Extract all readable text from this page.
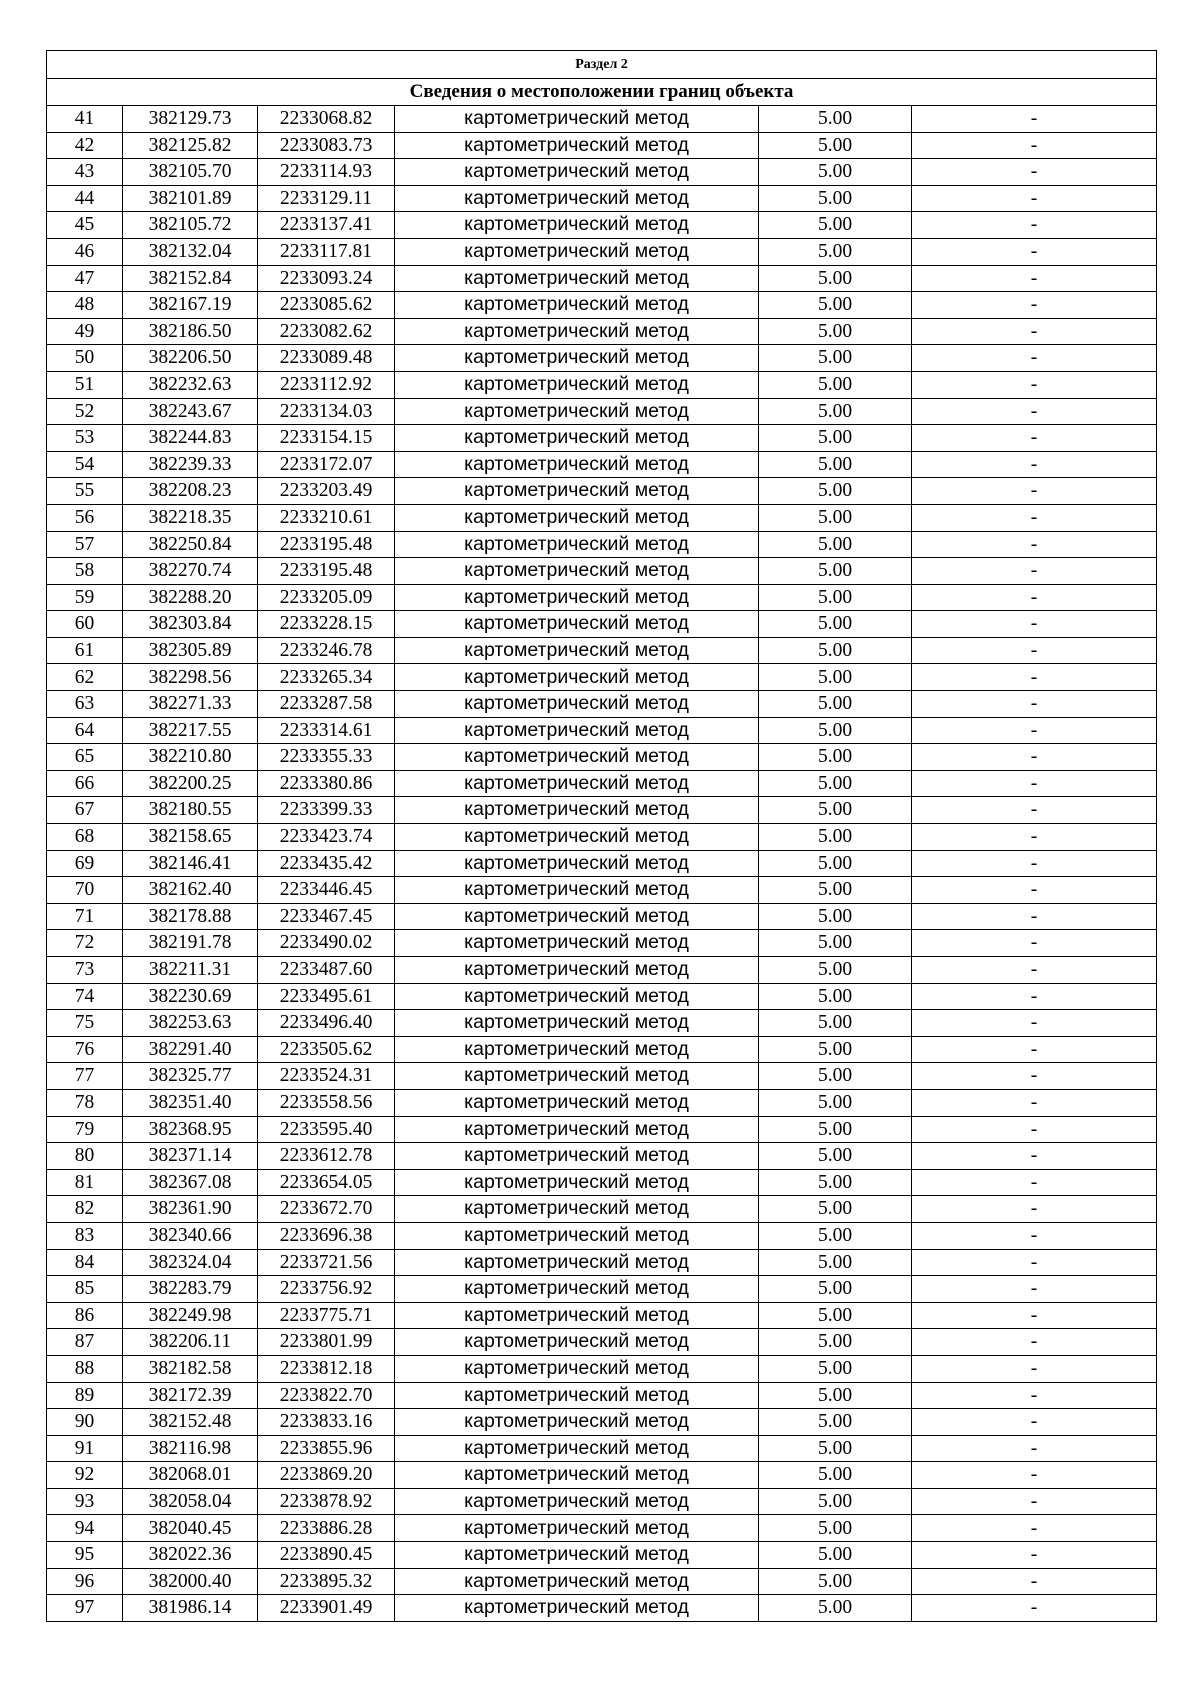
Раздел 2					
Сведения о местоположении границ объекта					
41	382129.73	2233068.82	картометрический метод	5.00	-
42	382125.82	2233083.73	картометрический метод	5.00	-
43	382105.70	2233114.93	картометрический метод	5.00	-
44	382101.89	2233129.11	картометрический метод	5.00	-
45	382105.72	2233137.41	картометрический метод	5.00	-
46	382132.04	2233117.81	картометрический метод	5.00	-
47	382152.84	2233093.24	картометрический метод	5.00	-
48	382167.19	2233085.62	картометрический метод	5.00	-
49	382186.50	2233082.62	картометрический метод	5.00	-
50	382206.50	2233089.48	картометрический метод	5.00	-
51	382232.63	2233112.92	картометрический метод	5.00	-
52	382243.67	2233134.03	картометрический метод	5.00	-
53	382244.83	2233154.15	картометрический метод	5.00	-
54	382239.33	2233172.07	картометрический метод	5.00	-
55	382208.23	2233203.49	картометрический метод	5.00	-
56	382218.35	2233210.61	картометрический метод	5.00	-
57	382250.84	2233195.48	картометрический метод	5.00	-
58	382270.74	2233195.48	картометрический метод	5.00	-
59	382288.20	2233205.09	картометрический метод	5.00	-
60	382303.84	2233228.15	картометрический метод	5.00	-
61	382305.89	2233246.78	картометрический метод	5.00	-
62	382298.56	2233265.34	картометрический метод	5.00	-
63	382271.33	2233287.58	картометрический метод	5.00	-
64	382217.55	2233314.61	картометрический метод	5.00	-
65	382210.80	2233355.33	картометрический метод	5.00	-
66	382200.25	2233380.86	картометрический метод	5.00	-
67	382180.55	2233399.33	картометрический метод	5.00	-
68	382158.65	2233423.74	картометрический метод	5.00	-
69	382146.41	2233435.42	картометрический метод	5.00	-
70	382162.40	2233446.45	картометрический метод	5.00	-
71	382178.88	2233467.45	картометрический метод	5.00	-
72	382191.78	2233490.02	картометрический метод	5.00	-
73	382211.31	2233487.60	картометрический метод	5.00	-
74	382230.69	2233495.61	картометрический метод	5.00	-
75	382253.63	2233496.40	картометрический метод	5.00	-
76	382291.40	2233505.62	картометрический метод	5.00	-
77	382325.77	2233524.31	картометрический метод	5.00	-
78	382351.40	2233558.56	картометрический метод	5.00	-
79	382368.95	2233595.40	картометрический метод	5.00	-
80	382371.14	2233612.78	картометрический метод	5.00	-
81	382367.08	2233654.05	картометрический метод	5.00	-
82	382361.90	2233672.70	картометрический метод	5.00	-
83	382340.66	2233696.38	картометрический метод	5.00	-
84	382324.04	2233721.56	картометрический метод	5.00	-
85	382283.79	2233756.92	картометрический метод	5.00	-
86	382249.98	2233775.71	картометрический метод	5.00	-
87	382206.11	2233801.99	картометрический метод	5.00	-
88	382182.58	2233812.18	картометрический метод	5.00	-
89	382172.39	2233822.70	картометрический метод	5.00	-
90	382152.48	2233833.16	картометрический метод	5.00	-
91	382116.98	2233855.96	картометрический метод	5.00	-
92	382068.01	2233869.20	картометрический метод	5.00	-
93	382058.04	2233878.92	картометрический метод	5.00	-
94	382040.45	2233886.28	картометрический метод	5.00	-
95	382022.36	2233890.45	картометрический метод	5.00	-
96	382000.40	2233895.32	картометрический метод	5.00	-
97	381986.14	2233901.49	картометрический метод	5.00	-
